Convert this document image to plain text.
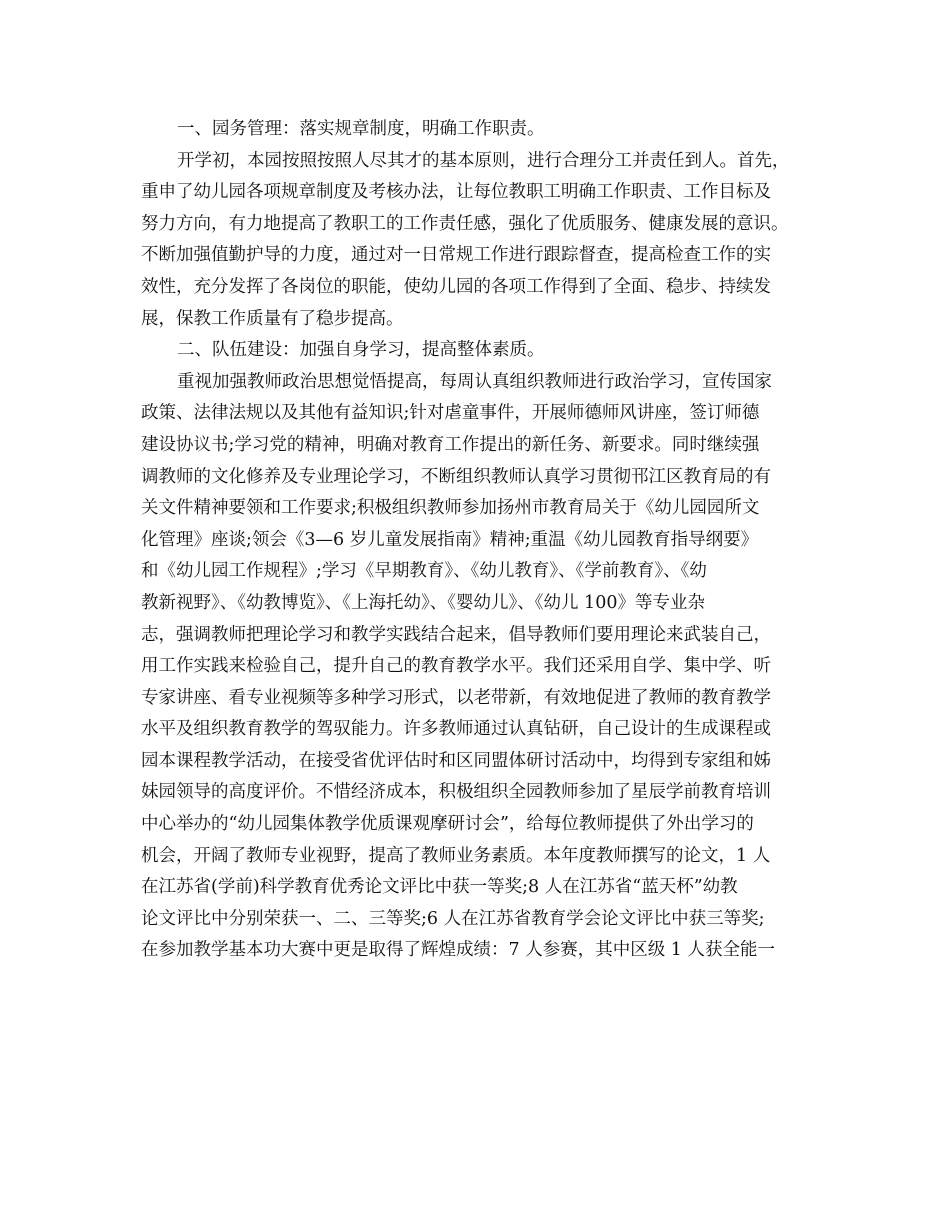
一、园务管理：落实规章制度，明确工作职责。
开学初，本园按照按照人尽其才的基本原则，进行合理分工并责任到人。首先，
重申了幼儿园各项规章制度及考核办法，让每位教职工明确工作职责、工作目标及
努力方向，有力地提高了教职工的工作责任感，强化了优质服务、健康发展的意识。
不断加强值勤护导的力度，通过对一日常规工作进行跟踪督查，提高检查工作的实
效性，充分发挥了各岗位的职能，使幼儿园的各项工作得到了全面、稳步、持续发
展，保教工作质量有了稳步提高。
二、队伍建设：加强自身学习，提高整体素质。
重视加强教师政治思想觉悟提高，每周认真组织教师进行政治学习，宣传国家
政策、法律法规以及其他有益知识;针对虐童事件，开展师德师风讲座，签订师德
建设协议书;学习党的精神，明确对教育工作提出的新任务、新要求。同时继续强
调教师的文化修养及专业理论学习，不断组织教师认真学习贯彻邗江区教育局的有
关文件精神要领和工作要求;积极组织教师参加扬州市教育局关于《幼儿园园所文
化管理》座谈;领会《3—6 岁儿童发展指南》精神;重温《幼儿园教育指导纲要》
和《幼儿园工作规程》;学习《早期教育》、《幼儿教育》、《学前教育》、《幼
教新视野》、《幼教博览》、《上海托幼》、《婴幼儿》、《幼儿 100》等专业杂
志，强调教师把理论学习和教学实践结合起来，倡导教师们要用理论来武装自己，
用工作实践来检验自己，提升自己的教育教学水平。我们还采用自学、集中学、听
专家讲座、看专业视频等多种学习形式，以老带新，有效地促进了教师的教育教学
水平及组织教育教学的驾驭能力。许多教师通过认真钻研，自己设计的生成课程或
园本课程教学活动，在接受省优评估时和区同盟体研讨活动中，均得到专家组和姊
妹园领导的高度评价。不惜经济成本，积极组织全园教师参加了星辰学前教育培训
中心举办的“幼儿园集体教学优质课观摩研讨会”，给每位教师提供了外出学习的
机会，开阔了教师专业视野，提高了教师业务素质。本年度教师撰写的论文，1 人
在江苏省(学前)科学教育优秀论文评比中获一等奖;8 人在江苏省“蓝天杯”幼教
论文评比中分别荣获一、二、三等奖;6 人在江苏省教育学会论文评比中获三等奖;
在参加教学基本功大赛中更是取得了辉煌成绩：7 人参赛，其中区级 1 人获全能一
